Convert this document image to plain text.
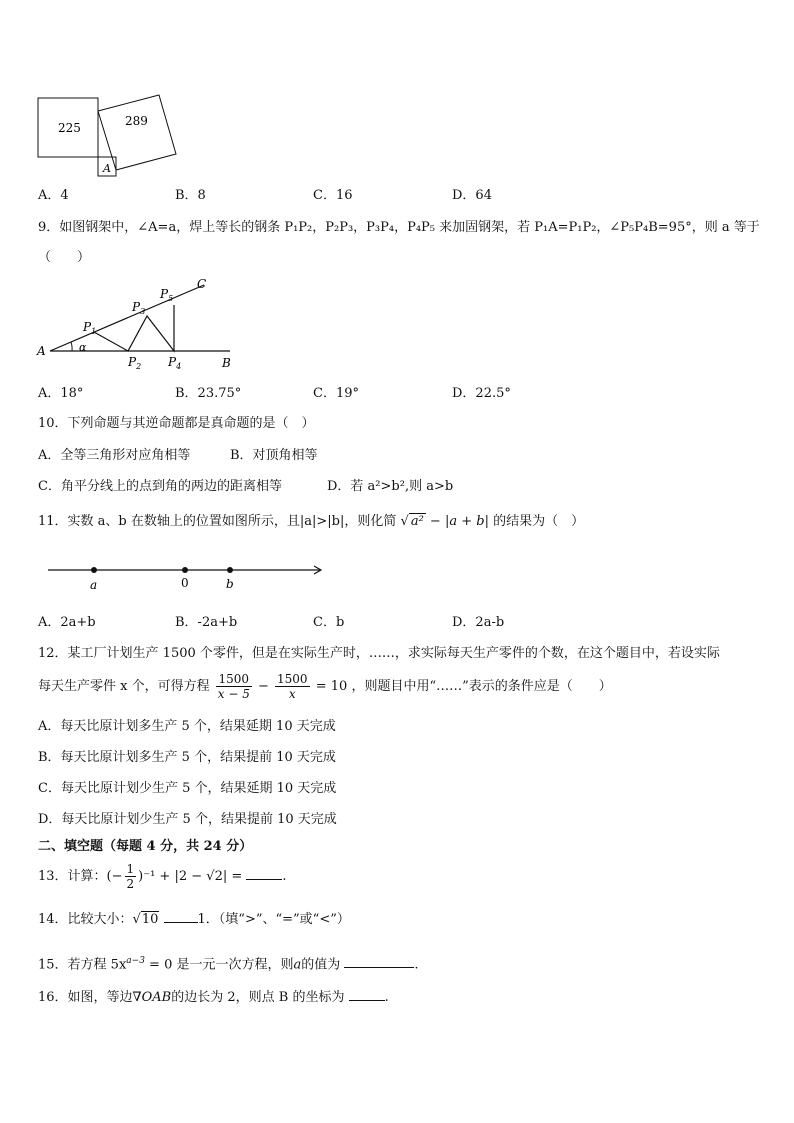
225	289
A
A．4	B．8	C．16	D．64
9．如图钢架中，∠A=a，焊上等长的钢条 P₁P₂，P₂P₃，P₃P₄，P₄P₅ 来加固钢架，若 P₁A=P₁P₂，∠P₅P₄B=95°，则 a 等于
（　　）
A
B
C
α
$P_1$
$P_2$
$P_3$
$P_4$
$P_5$
A．18°	B．23.75°	C．19°	D．22.5°
10．下列命题与其逆命题都是真命题的是（　）
A．全等三角形对应角相等	B．对顶角相等
C．角平分线上的点到角的两边的距离相等	D．若 a²>b²,则 a>b
11．实数 a、b 在数轴上的位置如图所示，且|a|>|b|，则化简 √ a² − |a + b| 的结果为（　）
a	0	b
A．2a+b	B．-2a+b	C．b	D．2a-b
12．某工厂计划生产 1500 个零件，但是在实际生产时，……，求实际每天生产零件的个数，在这个题目中，若设实际
每天生产零件 x 个，可得方程 $\frac{1500}{x - 5} - \frac{1500}{x} = 10$ ，则题目中用“……”表示的条件应是（　　）
A．每天比原计划多生产 5 个，结果延期 10 天完成
B．每天比原计划多生产 5 个，结果提前 10 天完成
C．每天比原计划少生产 5 个，结果延期 10 天完成
D．每天比原计划少生产 5 个，结果提前 10 天完成
二、填空题（每题 4 分，共 24 分）
13．计算：(− $\frac{1}{2} )^{-1} + |2 - √2|$ =	.
14．比较大小：√10	1．（填“>”、“=”或“<”）
15．若方程 $5x^{a-3} = 0$ 是一元一次方程，则a的值为	.
16．如图，等边∇OAB的边长为 2，则点 B 的坐标为	.
